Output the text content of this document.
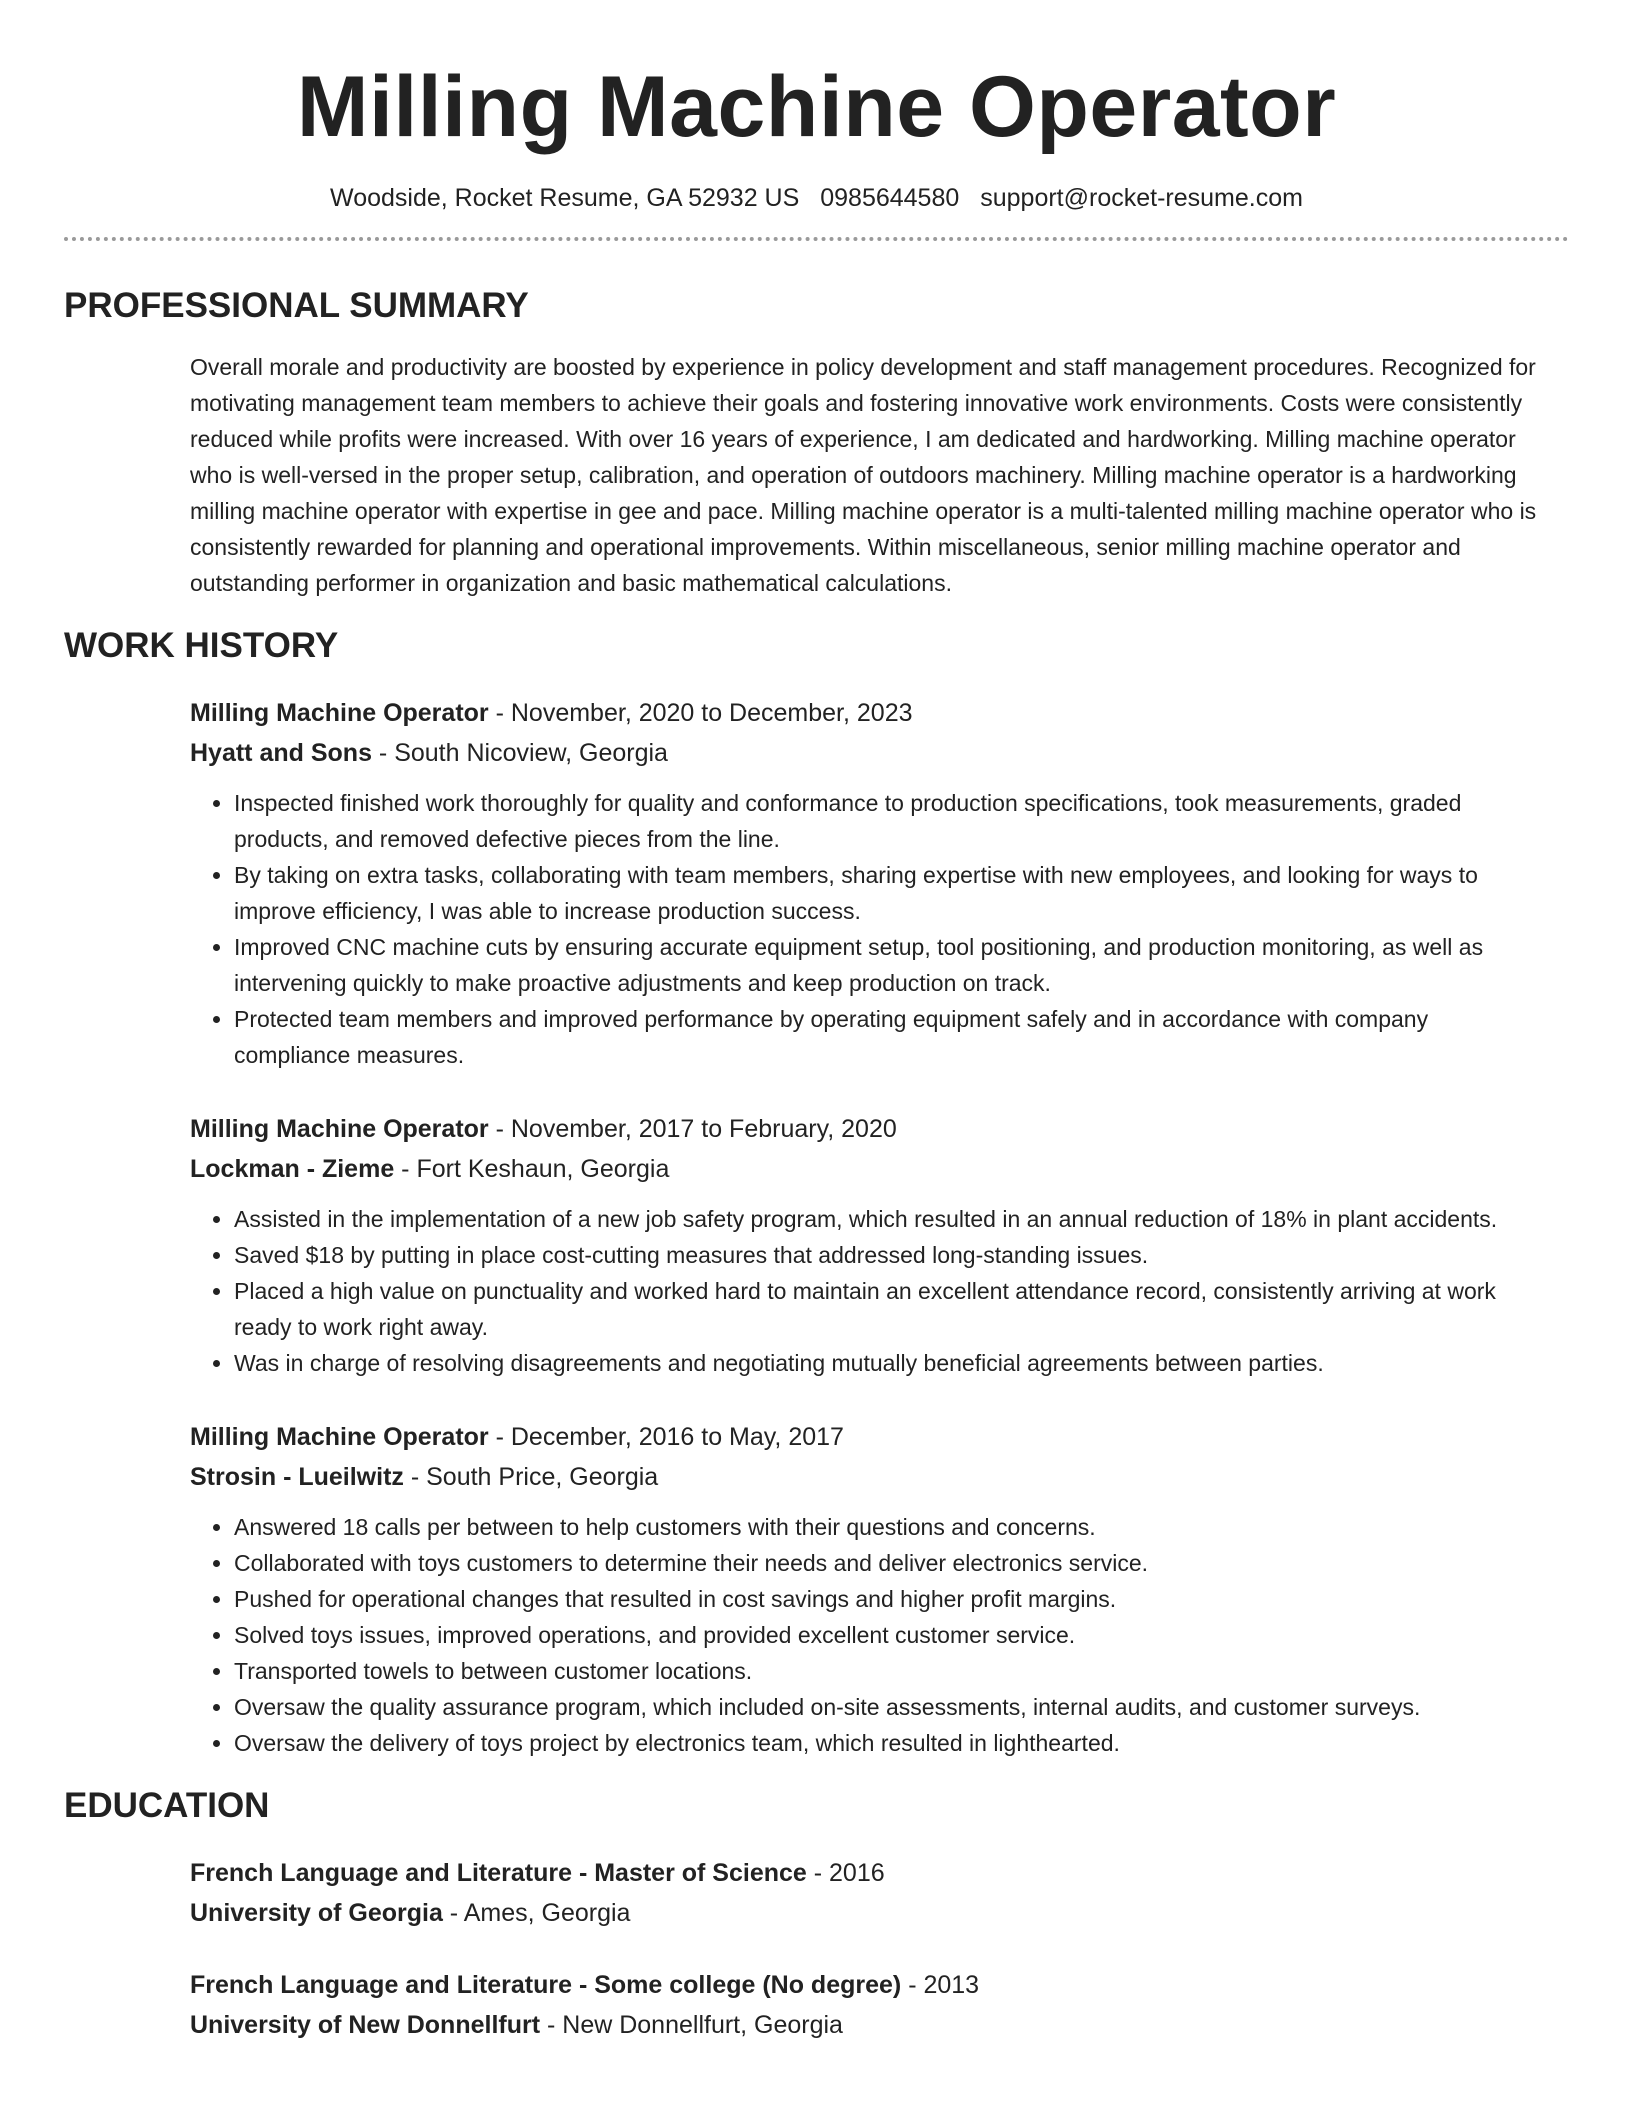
Milling Machine Operator
Woodside, Rocket Resume, GA 52932 US 0985644580 support@rocket-resume.com
PROFESSIONAL SUMMARY

Overall morale and productivity are boosted by experience in policy development and staff management procedures. Recognized for motivating management team members to achieve their goals and fostering innovative work environments. Costs were consistently reduced while profits were increased. With over 16 years of experience, I am dedicated and hardworking. Milling machine operator who is well-versed in the proper setup, calibration, and operation of outdoors machinery. Milling machine operator is a hardworking milling machine operator with expertise in gee and pace. Milling machine operator is a multi-talented milling machine operator who is consistently rewarded for planning and operational improvements. Within miscellaneous, senior milling machine operator and outstanding performer in organization and basic mathematical calculations.

WORK HISTORY
Milling Machine Operator - November, 2020 to December, 2023
Hyatt and Sons - South Nicoview, Georgia
• Inspected finished work thoroughly for quality and conformance to production specifications, took measurements, graded products, and removed defective pieces from the line.
• By taking on extra tasks, collaborating with team members, sharing expertise with new employees, and looking for ways to improve efficiency, I was able to increase production success.
• Improved CNC machine cuts by ensuring accurate equipment setup, tool positioning, and production monitoring, as well as intervening quickly to make proactive adjustments and keep production on track.
• Protected team members and improved performance by operating equipment safely and in accordance with company compliance measures.
Milling Machine Operator - November, 2017 to February, 2020
Lockman - Zieme - Fort Keshaun, Georgia
• Assisted in the implementation of a new job safety program, which resulted in an annual reduction of 18% in plant accidents.
• Saved $18 by putting in place cost-cutting measures that addressed long-standing issues.
• Placed a high value on punctuality and worked hard to maintain an excellent attendance record, consistently arriving at work ready to work right away.
• Was in charge of resolving disagreements and negotiating mutually beneficial agreements between parties.
Milling Machine Operator - December, 2016 to May, 2017
Strosin - Lueilwitz - South Price, Georgia
• Answered 18 calls per between to help customers with their questions and concerns.
• Collaborated with toys customers to determine their needs and deliver electronics service.
• Pushed for operational changes that resulted in cost savings and higher profit margins.
• Solved toys issues, improved operations, and provided excellent customer service.
• Transported towels to between customer locations.
• Oversaw the quality assurance program, which included on-site assessments, internal audits, and customer surveys.
• Oversaw the delivery of toys project by electronics team, which resulted in lighthearted.
EDUCATION
French Language and Literature - Master of Science - 2016
University of Georgia - Ames, Georgia
French Language and Literature - Some college (No degree) - 2013
University of New Donnellfurt - New Donnellfurt, Georgia
